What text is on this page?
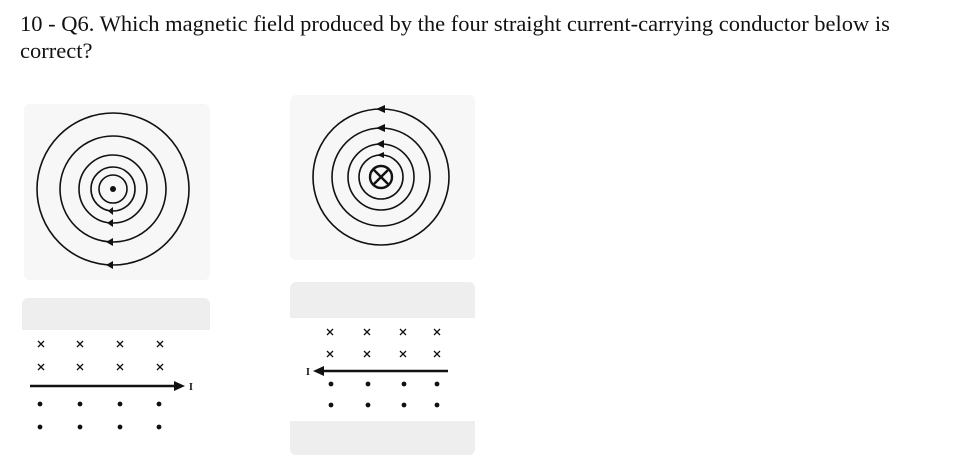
10 - Q6. Which magnetic field produced by the four straight current-carrying conductor below is correct?
I
I
